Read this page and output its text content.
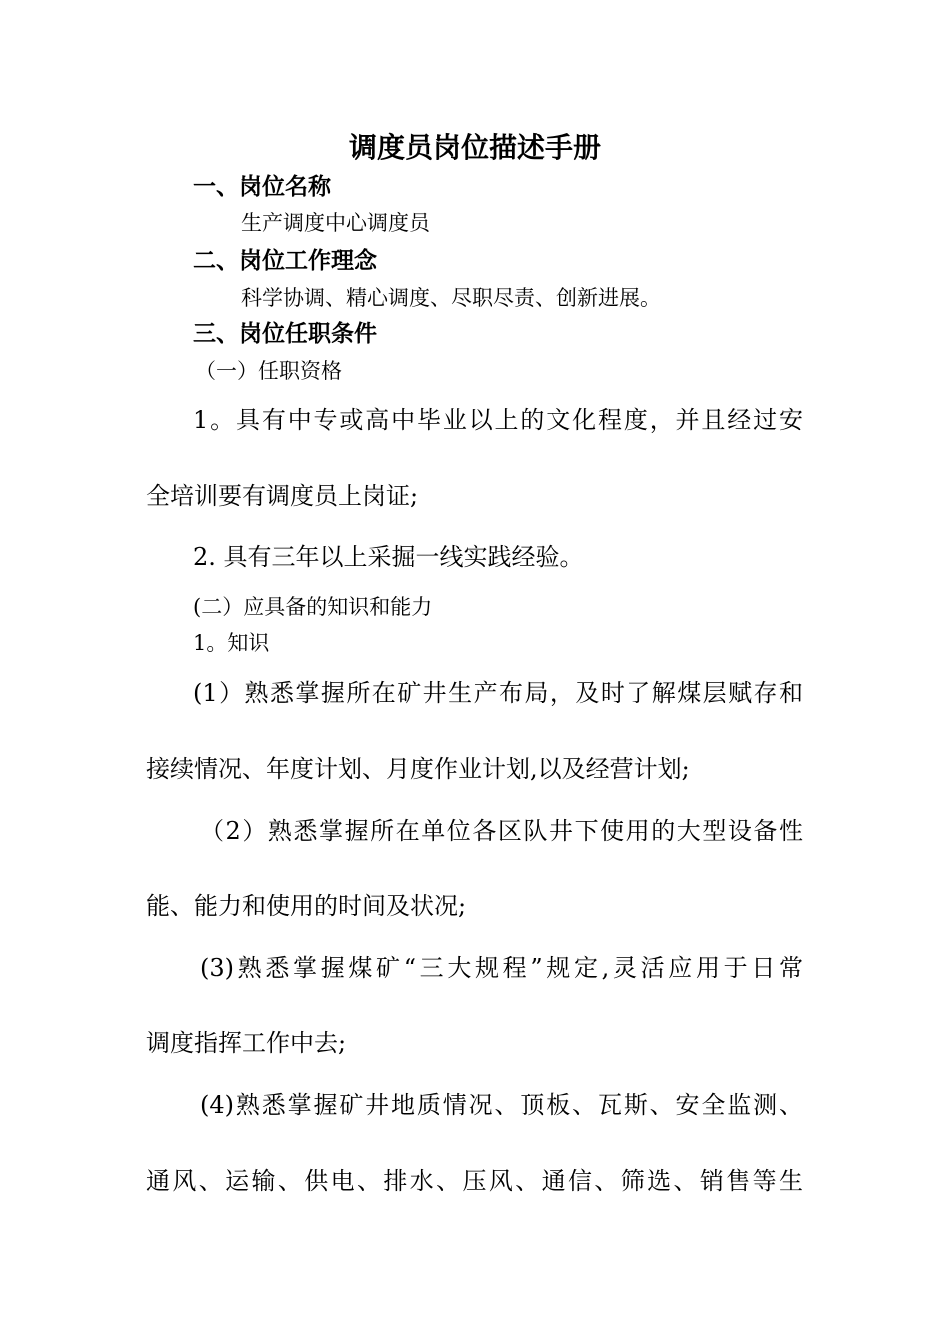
调度员岗位描述手册
一、岗位名称
生产调度中心调度员
二、岗位工作理念
科学协调、精心调度、尽职尽责、创新进展。
三、岗位任职条件
（一）任职资格
1。具有中专或高中毕业以上的文化程度，并且经过安
全培训要有调度员上岗证;
2. 具有三年以上采掘一线实践经验。
(二）应具备的知识和能力
1。知识
(1）熟悉掌握所在矿井生产布局，及时了解煤层赋存和
接续情况、年度计划、月度作业计划,以及经营计划;
（2）熟悉掌握所在单位各区队井下使用的大型设备性
能、能力和使用的时间及状况;
(3)熟悉掌握煤矿“三大规程”规定,灵活应用于日常
调度指挥工作中去;
(4)熟悉掌握矿井地质情况、顶板、瓦斯、安全监测、
通风、运输、供电、排水、压风、通信、筛选、销售等生
